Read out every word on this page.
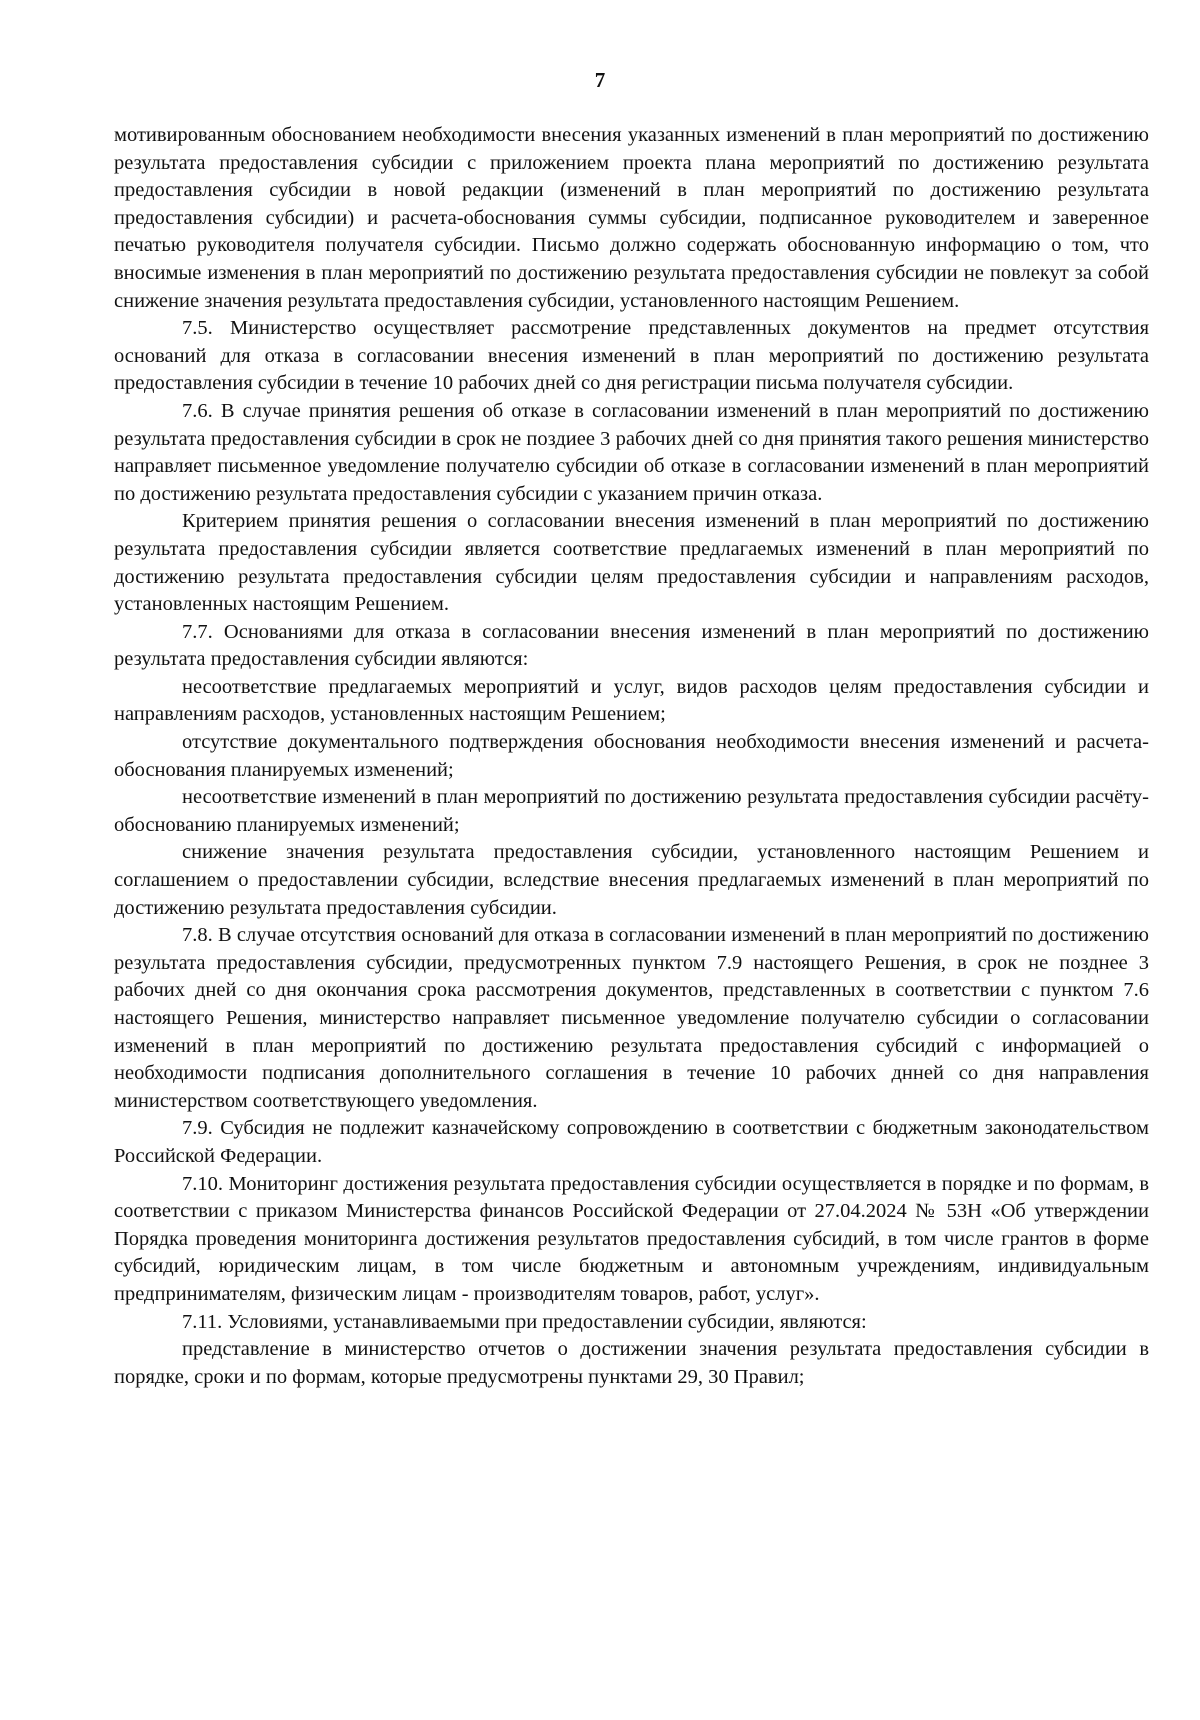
7

мотивированным обоснованием необходимости внесения указанных изменений в план мероприятий по достижению результата предоставления субсидии с приложением проекта плана мероприятий по достижению результата предоставления субсидии в новой редакции (изменений в план мероприятий по достижению результата предоставления субсидии) и расчета-обоснования суммы субсидии, подписанное руководителем и заверенное печатью руководителя получателя субсидии. Письмо должно содержать обоснованную информацию о том, что вносимые изменения в план мероприятий по достижению результата предоставления субсидии не повлекут за собой снижение значения результата предоставления субсидии, установленного настоящим Решением.

7.5. Министерство осуществляет рассмотрение представленных документов на предмет отсутствия оснований для отказа в согласовании внесения изменений в план мероприятий по достижению результата предоставления субсидии в течение 10 рабочих дней со дня регистрации письма получателя субсидии.

7.6. В случае принятия решения об отказе в согласовании изменений в план мероприятий по достижению результата предоставления субсидии в срок не поздиее 3 рабочих дней со дня принятия такого решения министерство направляет письменное уведомление получателю субсидии об отказе в согласовании изменений в план мероприятий по достижению результата предоставления субсидии с указанием причин отказа.

Критерием принятия решения о согласовании внесения изменений в план мероприятий по достижению результата предоставления субсидии является соответствие предлагаемых изменений в план мероприятий по достижению результата предоставления субсидии целям предоставления субсидии и направлениям расходов, установленных настоящим Решением.

7.7. Основаниями для отказа в согласовании внесения изменений в план мероприятий по достижению результата предоставления субсидии являются:

несоответствие предлагаемых мероприятий и услуг, видов расходов целям предоставления субсидии и направлениям расходов, установленных настоящим Решением;

отсутствие документального подтверждения обоснования необходимости внесения изменений и расчета-обоснования планируемых изменений;

несоответствие изменений в план мероприятий по достижению результата предоставления субсидии расчёту-обоснованию планируемых изменений;

снижение значения результата предоставления субсидии, установленного настоящим Решением и соглашением о предоставлении субсидии, вследствие внесения предлагаемых изменений в план мероприятий по достижению результата предоставления субсидии.

7.8. В случае отсутствия оснований для отказа в согласовании изменений в план мероприятий по достижению результата предоставления субсидии, предусмотренных пунктом 7.9 настоящего Решения, в срок не позднее 3 рабочих дней со дня окончания срока рассмотрения документов, представленных в соответствии с пунктом 7.6 настоящего Решения, министерство направляет письменное уведомление получателю субсидии о согласовании изменений в план мероприятий по достижению результата предоставления субсидий с информацией о необходимости подписания дополнительного соглашения в течение 10 рабочих днней со дня направления министерством соответствующего уведомления.

7.9. Субсидия не подлежит казначейскому сопровождению в соответствии с бюджетным законодательством Российской Федерации.

7.10. Мониторинг достижения результата предоставления субсидии осуществляется в порядке и по формам, в соответствии с приказом Министерства финансов Российской Федерации от 27.04.2024 № 53Н «Об утверждении Порядка проведения мониторинга достижения результатов предоставления субсидий, в том числе грантов в форме субсидий, юридическим лицам, в том числе бюджетным и автономным учреждениям, индивидуальным предпринимателям, физическим лицам - производителям товаров, работ, услуг».

7.11. Условиями, устанавливаемыми при предоставлении субсидии, являются:

представление в министерство отчетов о достижении значения результата предоставления субсидии в порядке, сроки и по формам, которые предусмотрены пунктами 29, 30 Правил;
